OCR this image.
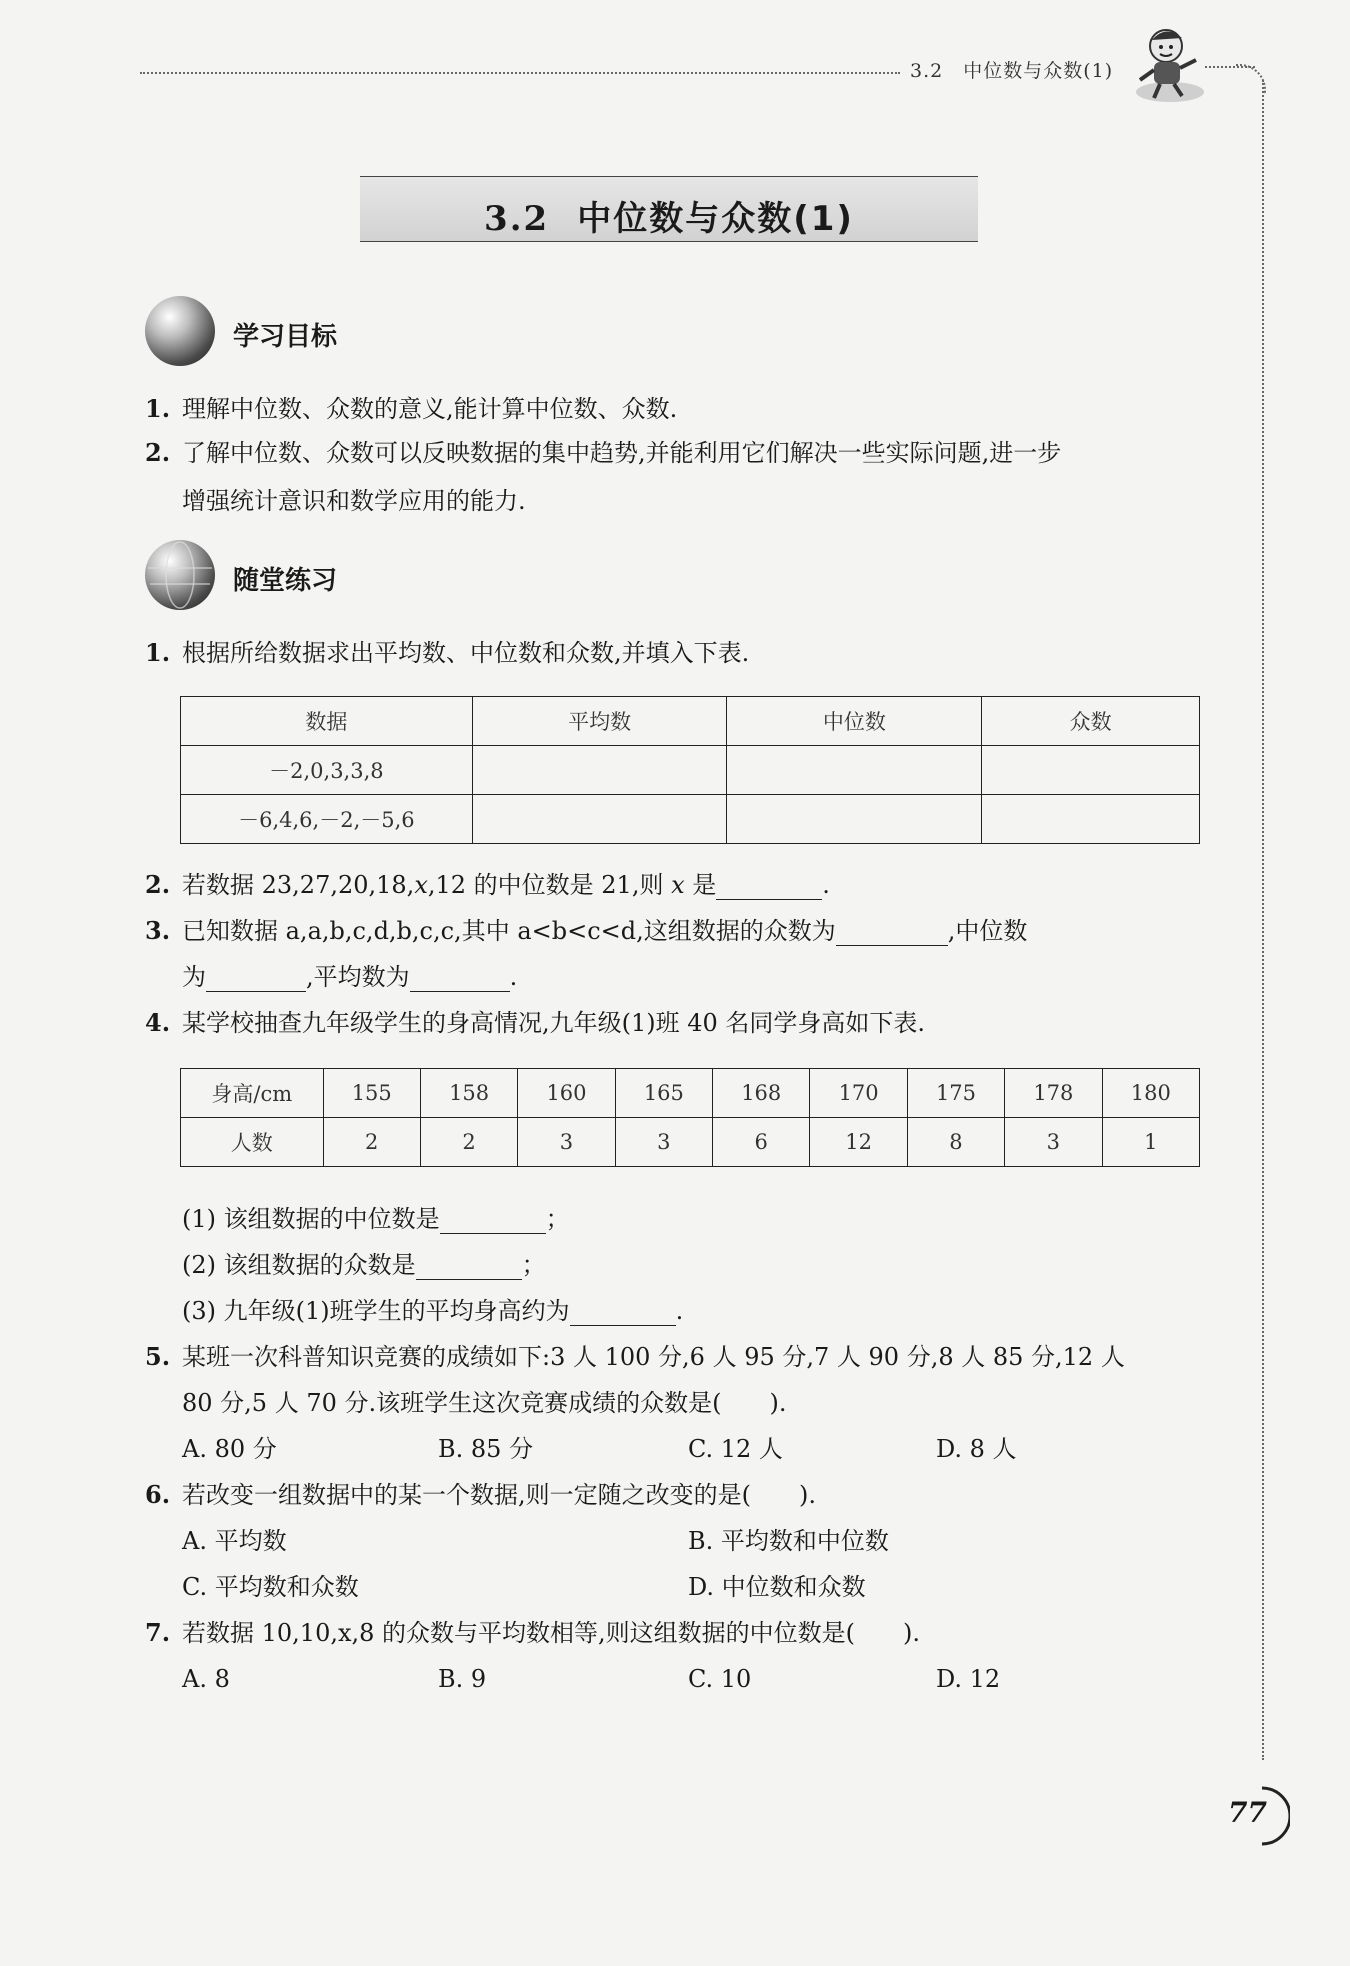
3.2　中位数与众数(1)
3.2 中位数与众数(1)
学习目标
1. 理解中位数、众数的意义,能计算中位数、众数.
2. 了解中位数、众数可以反映数据的集中趋势,并能利用它们解决一些实际问题,进一步
增强统计意识和数学应用的能力.
随堂练习
1. 根据所给数据求出平均数、中位数和众数,并填入下表.
数据	平均数	中位数	众数
－2,0,3,3,8			
－6,4,6,－2,－5,6			
2. 若数据 23,27,20,18,x,12 的中位数是 21,则 x 是	.
3. 已知数据 a,a,b,c,d,b,c,c,其中 a<b<c<d,这组数据的众数为	,中位数
为	,平均数为	.
4. 某学校抽查九年级学生的身高情况,九年级(1)班 40 名同学身高如下表.
身高/cm	155	158	160	165	168	170	175	178	180
人数	2	2	3	3	6	12	8	3	1
(1) 该组数据的中位数是	；
(2) 该组数据的众数是	；
(3) 九年级(1)班学生的平均身高约为	.
5. 某班一次科普知识竞赛的成绩如下:3 人 100 分,6 人 95 分,7 人 90 分,8 人 85 分,12 人
80 分,5 人 70 分.该班学生这次竞赛成绩的众数是(　　).
A. 80 分	B. 85 分	C. 12 人	D. 8 人
6. 若改变一组数据中的某一个数据,则一定随之改变的是(　　).
A. 平均数	B. 平均数和中位数
C. 平均数和众数	D. 中位数和众数
7. 若数据 10,10,x,8 的众数与平均数相等,则这组数据的中位数是(　　).
A. 8	B. 9	C. 10	D. 12
77
